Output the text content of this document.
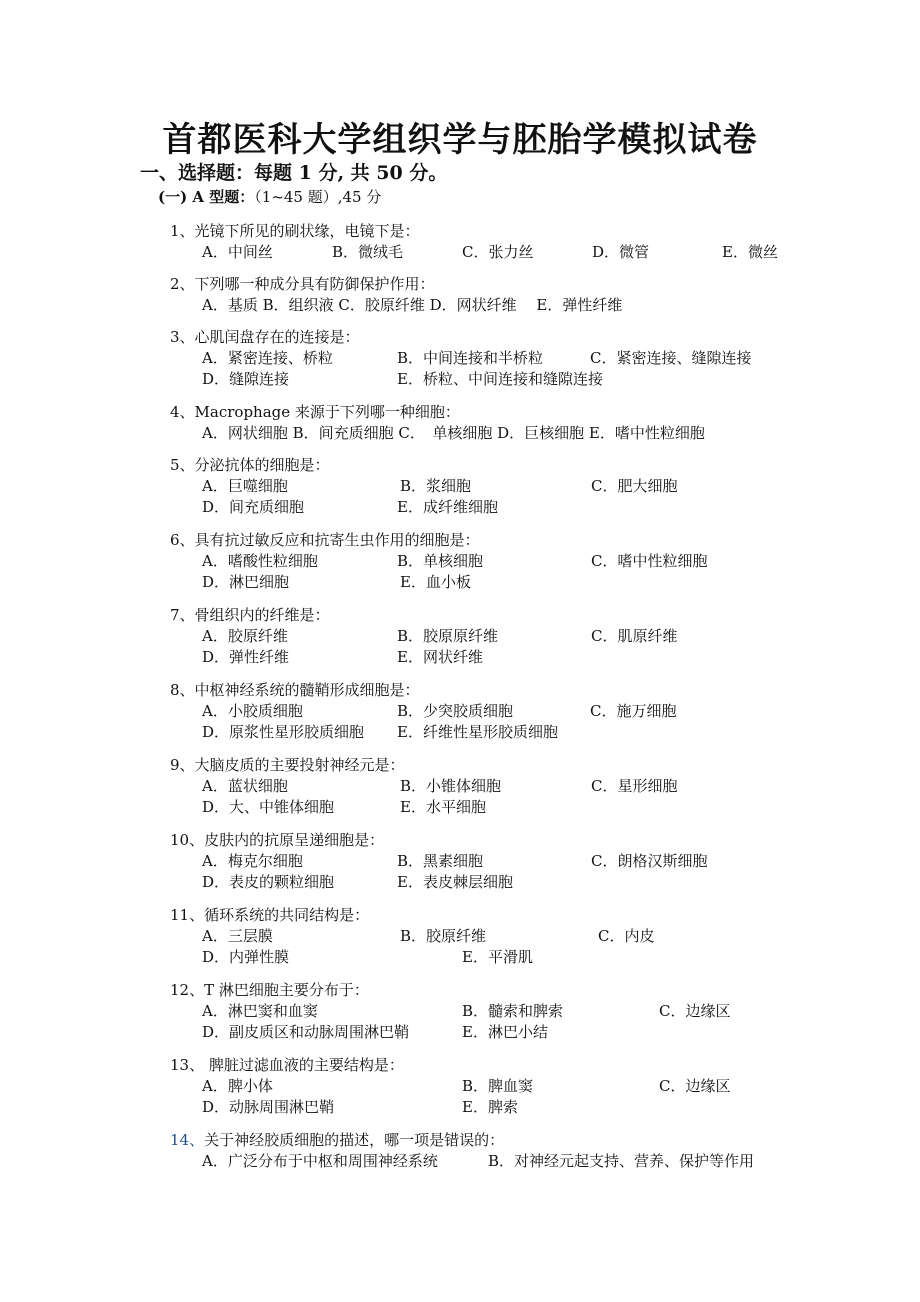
首都医科大学组织学与胚胎学模拟试卷
一、选择题：每题 1 分, 共 50 分。
(一) A 型题：（1~45 题）,45 分
1、光镜下所见的刷状缘，电镜下是：
A．中间丝	B．微绒毛	C．张力丝	D．微管	E．微丝
2、下列哪一种成分具有防御保护作用：
A．基质 B．组织液 C．胶原纤维 D．网状纤维　 E．弹性纤维
3、心肌闰盘存在的连接是：
A．紧密连接、桥粒	B．中间连接和半桥粒	C．紧密连接、缝隙连接
D．缝隙连接	E．桥粒、中间连接和缝隙连接
4、Macrophage 来源于下列哪一种细胞：
A．网状细胞 B．间充质细胞 C．　单核细胞 D．巨核细胞 E．嗜中性粒细胞
5、分泌抗体的细胞是：
A．巨噬细胞	B．浆细胞	C．肥大细胞
D．间充质细胞	E．成纤维细胞
6、具有抗过敏反应和抗寄生虫作用的细胞是：
A．嗜酸性粒细胞	B．单核细胞	C．嗜中性粒细胞
D．淋巴细胞	E．血小板
7、骨组织内的纤维是：
A．胶原纤维	B．胶原原纤维	C．肌原纤维
D．弹性纤维	E．网状纤维
8、中枢神经系统的髓鞘形成细胞是：
A．小胶质细胞	B．少突胶质细胞	C．施万细胞
D．原浆性星形胶质细胞 E．纤维性星形胶质细胞
9、大脑皮质的主要投射神经元是：
A．蓝状细胞	B．小锥体细胞	C．星形细胞
D．大、中锥体细胞	E．水平细胞
10、皮肤内的抗原呈递细胞是：
A．梅克尔细胞	B．黑素细胞	C．朗格汉斯细胞
D．表皮的颗粒细胞	E．表皮棘层细胞
11、循环系统的共同结构是：
A．三层膜	B．胶原纤维	C．内皮
D．内弹性膜	E．平滑肌
12、T 淋巴细胞主要分布于：
A．淋巴窦和血窦	B．髓索和脾索	C．边缘区
D．副皮质区和动脉周围淋巴鞘	E．淋巴小结
13、 脾脏过滤血液的主要结构是：
A．脾小体	B．脾血窦	C．边缘区
D．动脉周围淋巴鞘	E．脾索
14、关于神经胶质细胞的描述，哪一项是错误的：
A．广泛分布于中枢和周围神经系统	B．对神经元起支持、营养、保护等作用
